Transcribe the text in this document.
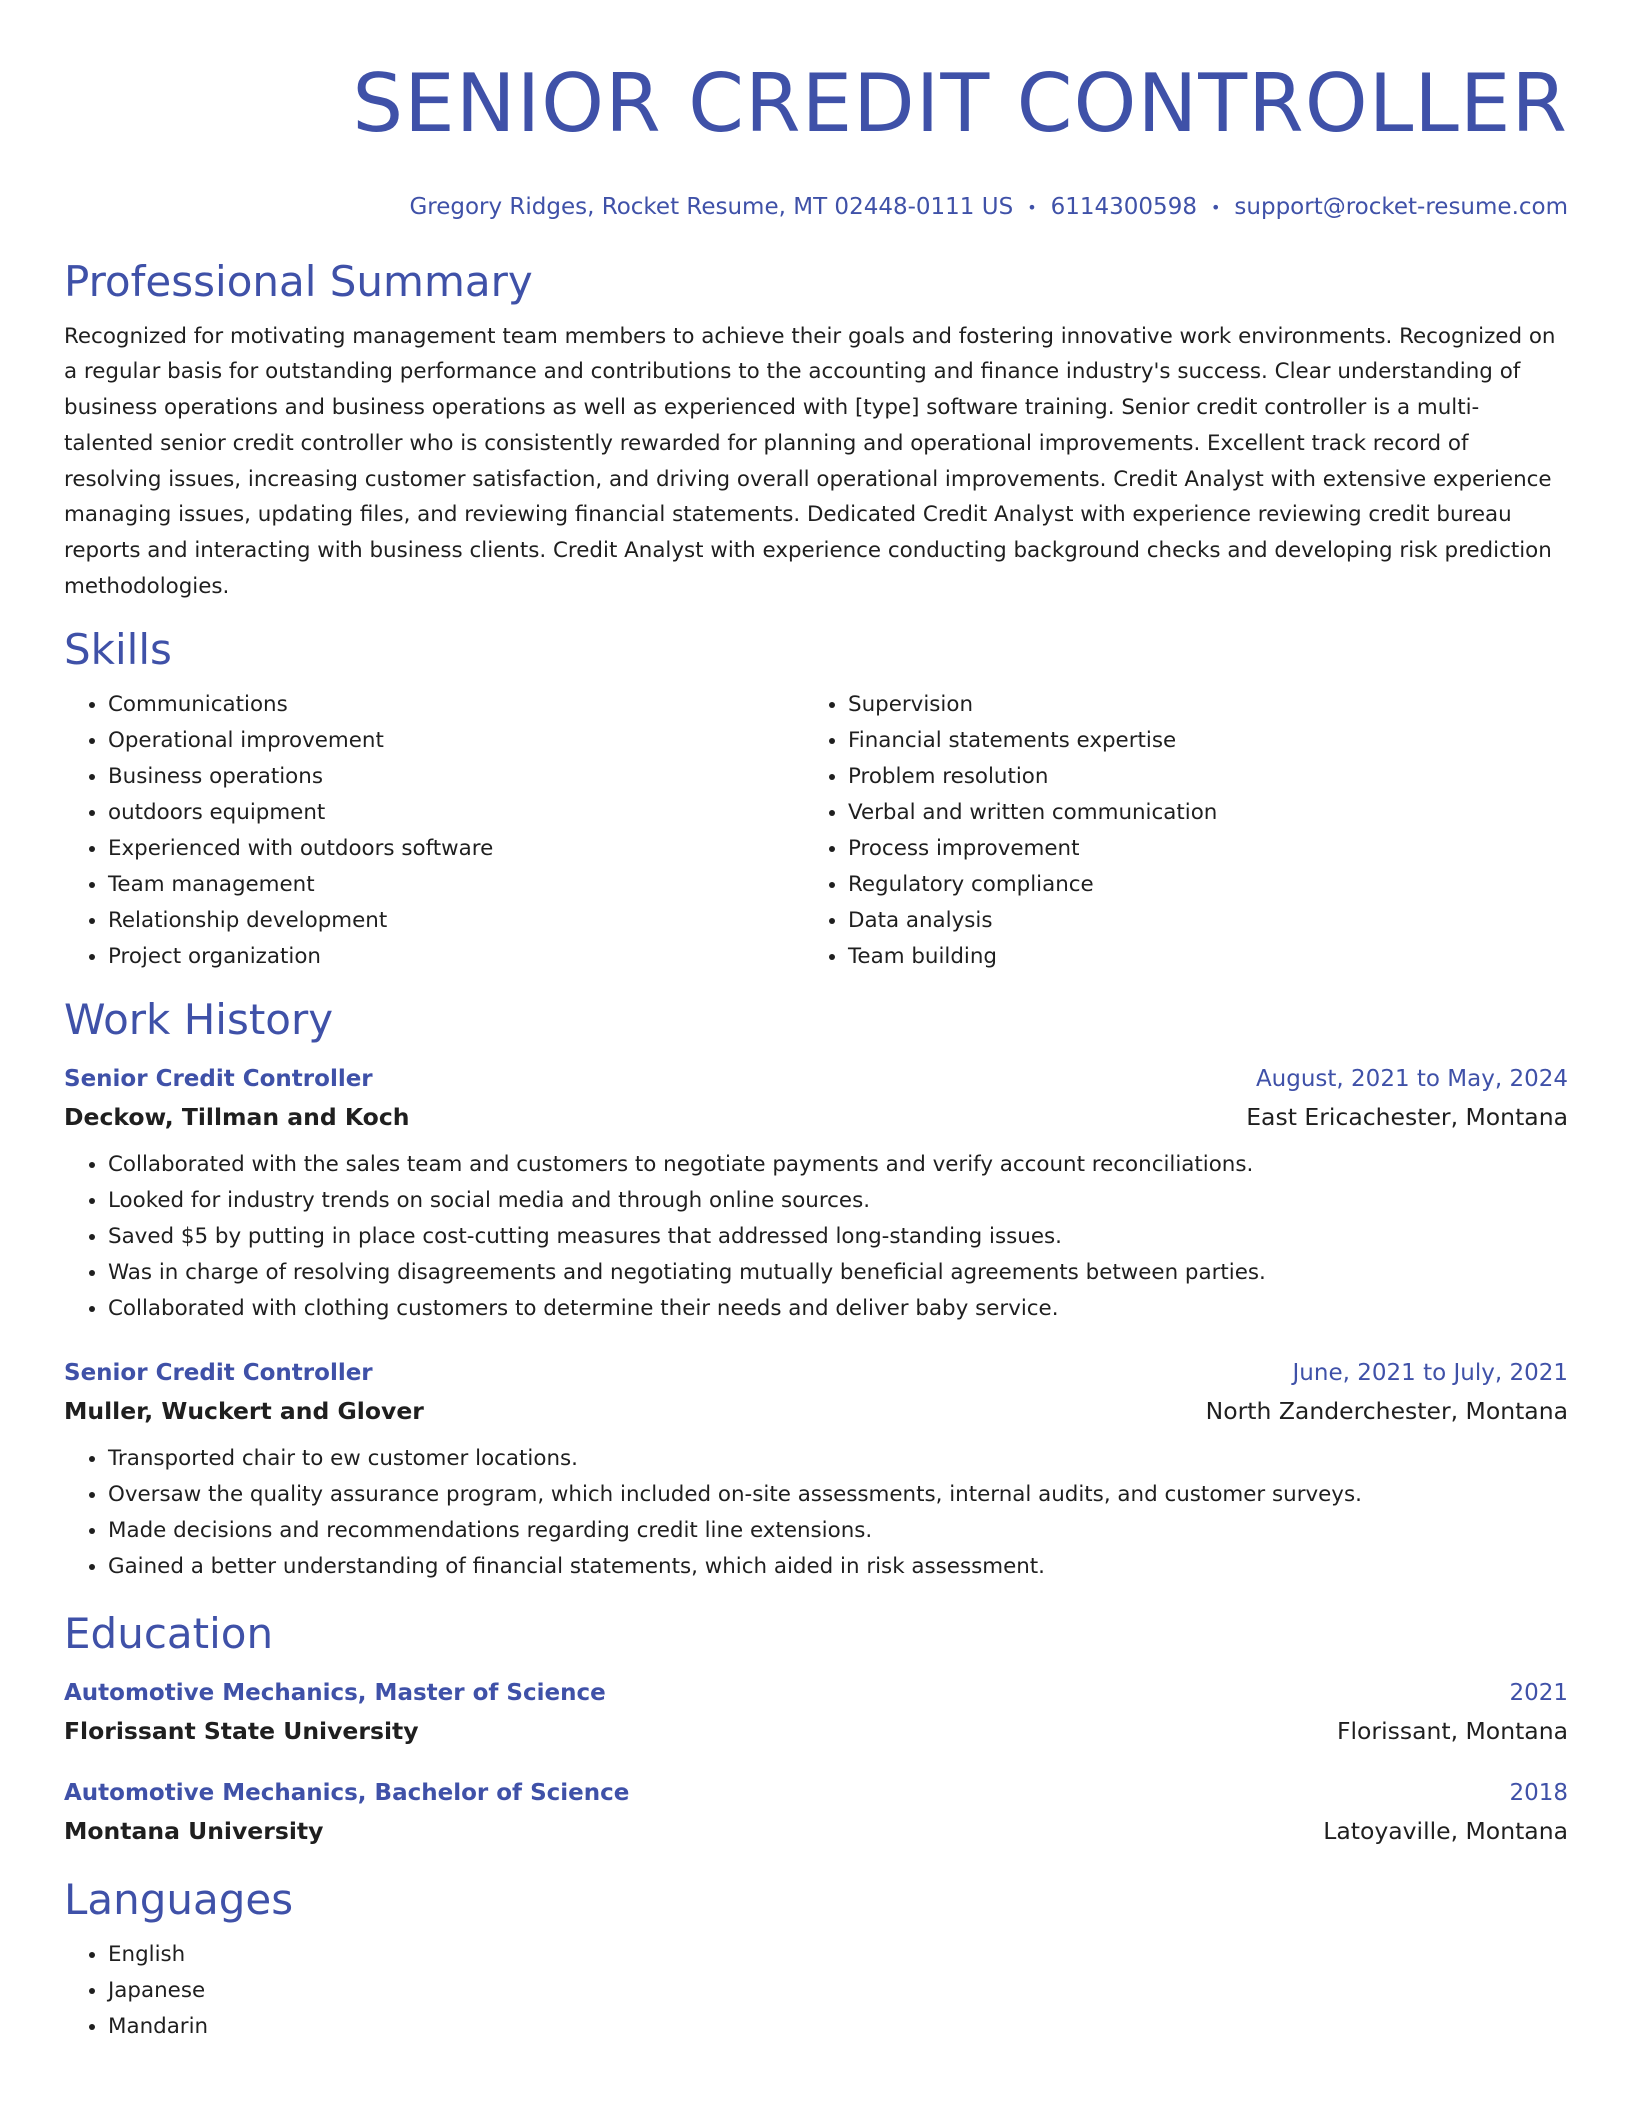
SENIOR CREDIT CONTROLLER
Gregory Ridges, Rocket Resume, MT 02448-0111 US • 6114300598 • support@rocket-resume.com
Professional Summary
Recognized for motivating management team members to achieve their goals and fostering innovative work environments. Recognized on a regular basis for outstanding performance and contributions to the accounting and finance industry's success. Clear understanding of business operations and business operations as well as experienced with [type] software training. Senior credit controller is a multi-talented senior credit controller who is consistently rewarded for planning and operational improvements. Excellent track record of resolving issues, increasing customer satisfaction, and driving overall operational improvements. Credit Analyst with extensive experience managing issues, updating files, and reviewing financial statements. Dedicated Credit Analyst with experience reviewing credit bureau reports and interacting with business clients. Credit Analyst with experience conducting background checks and developing risk prediction methodologies.
Skills
• Communications
• Operational improvement
• Business operations
• outdoors equipment
• Experienced with outdoors software
• Team management
• Relationship development
• Project organization
• Supervision
• Financial statements expertise
• Problem resolution
• Verbal and written communication
• Process improvement
• Regulatory compliance
• Data analysis
• Team building
Work History
Senior Credit Controller	August, 2021 to May, 2024
Deckow, Tillman and Koch	East Ericachester, Montana
• Collaborated with the sales team and customers to negotiate payments and verify account reconciliations.
• Looked for industry trends on social media and through online sources.
• Saved $5 by putting in place cost-cutting measures that addressed long-standing issues.
• Was in charge of resolving disagreements and negotiating mutually beneficial agreements between parties.
• Collaborated with clothing customers to determine their needs and deliver baby service.
Senior Credit Controller	June, 2021 to July, 2021
Muller, Wuckert and Glover	North Zanderchester, Montana
• Transported chair to ew customer locations.
• Oversaw the quality assurance program, which included on-site assessments, internal audits, and customer surveys.
• Made decisions and recommendations regarding credit line extensions.
• Gained a better understanding of financial statements, which aided in risk assessment.
Education
Automotive Mechanics, Master of Science	2021
Florissant State University	Florissant, Montana
Automotive Mechanics, Bachelor of Science	2018
Montana University	Latoyaville, Montana
Languages
• English
• Japanese
• Mandarin
